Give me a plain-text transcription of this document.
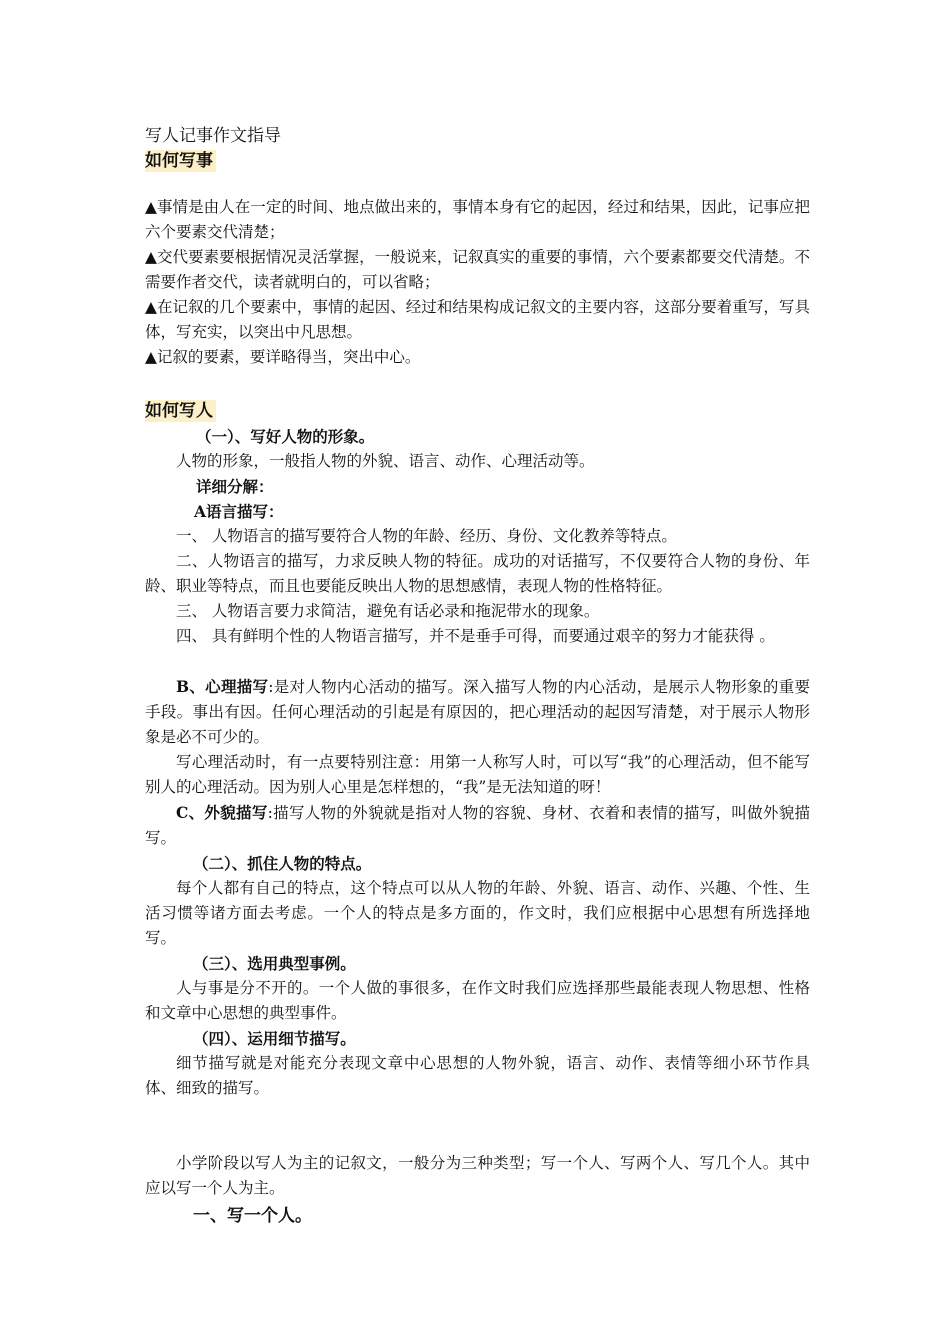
写人记事作文指导
如何写事
▲事情是由人在一定的时间、地点做出来的，事情本身有它的起因，经过和结果，因此，记事应把六个要素交代清楚；
▲交代要素要根据情况灵活掌握，一般说来，记叙真实的重要的事情，六个要素都要交代清楚。不需要作者交代，读者就明白的，可以省略；
▲在记叙的几个要素中，事情的起因、经过和结果构成记叙文的主要内容，这部分要着重写，写具体，写充实，以突出中凡思想。
▲记叙的要素，要详略得当，突出中心。
如何写人
（一）、写好人物的形象。
人物的形象，一般指人物的外貌、语言、动作、心理活动等。
详细分解：
A语言描写：
一、 人物语言的描写要符合人物的年龄、经历、身份、文化教养等特点。
二、人物语言的描写，力求反映人物的特征。成功的对话描写，不仅要符合人物的身份、年龄、职业等特点，而且也要能反映出人物的思想感情，表现人物的性格特征。
三、 人物语言要力求简洁，避免有话必录和拖泥带水的现象。
四、 具有鲜明个性的人物语言描写，并不是垂手可得，而要通过艰辛的努力才能获得 。
B、心理描写:是对人物内心活动的描写。深入描写人物的内心活动，是展示人物形象的重要手段。事出有因。任何心理活动的引起是有原因的，把心理活动的起因写清楚，对于展示人物形象是必不可少的。
写心理活动时，有一点要特别注意：用第一人称写人时，可以写“我”的心理活动，但不能写别人的心理活动。因为别人心里是怎样想的，“我”是无法知道的呀！
C、外貌描写:描写人物的外貌就是指对人物的容貌、身材、衣着和表情的描写，叫做外貌描写。
（二）、抓住人物的特点。
每个人都有自己的特点，这个特点可以从人物的年龄、外貌、语言、动作、兴趣、个性、生活习惯等诸方面去考虑。一个人的特点是多方面的，作文时，我们应根据中心思想有所选择地写。
（三）、选用典型事例。
人与事是分不开的。一个人做的事很多，在作文时我们应选择那些最能表现人物思想、性格和文章中心思想的典型事件。
（四）、运用细节描写。
细节描写就是对能充分表现文章中心思想的人物外貌，语言、动作、表情等细小环节作具体、细致的描写。
小学阶段以写人为主的记叙文，一般分为三种类型；写一个人、写两个人、写几个人。其中应以写一个人为主。
一、写一个人。
